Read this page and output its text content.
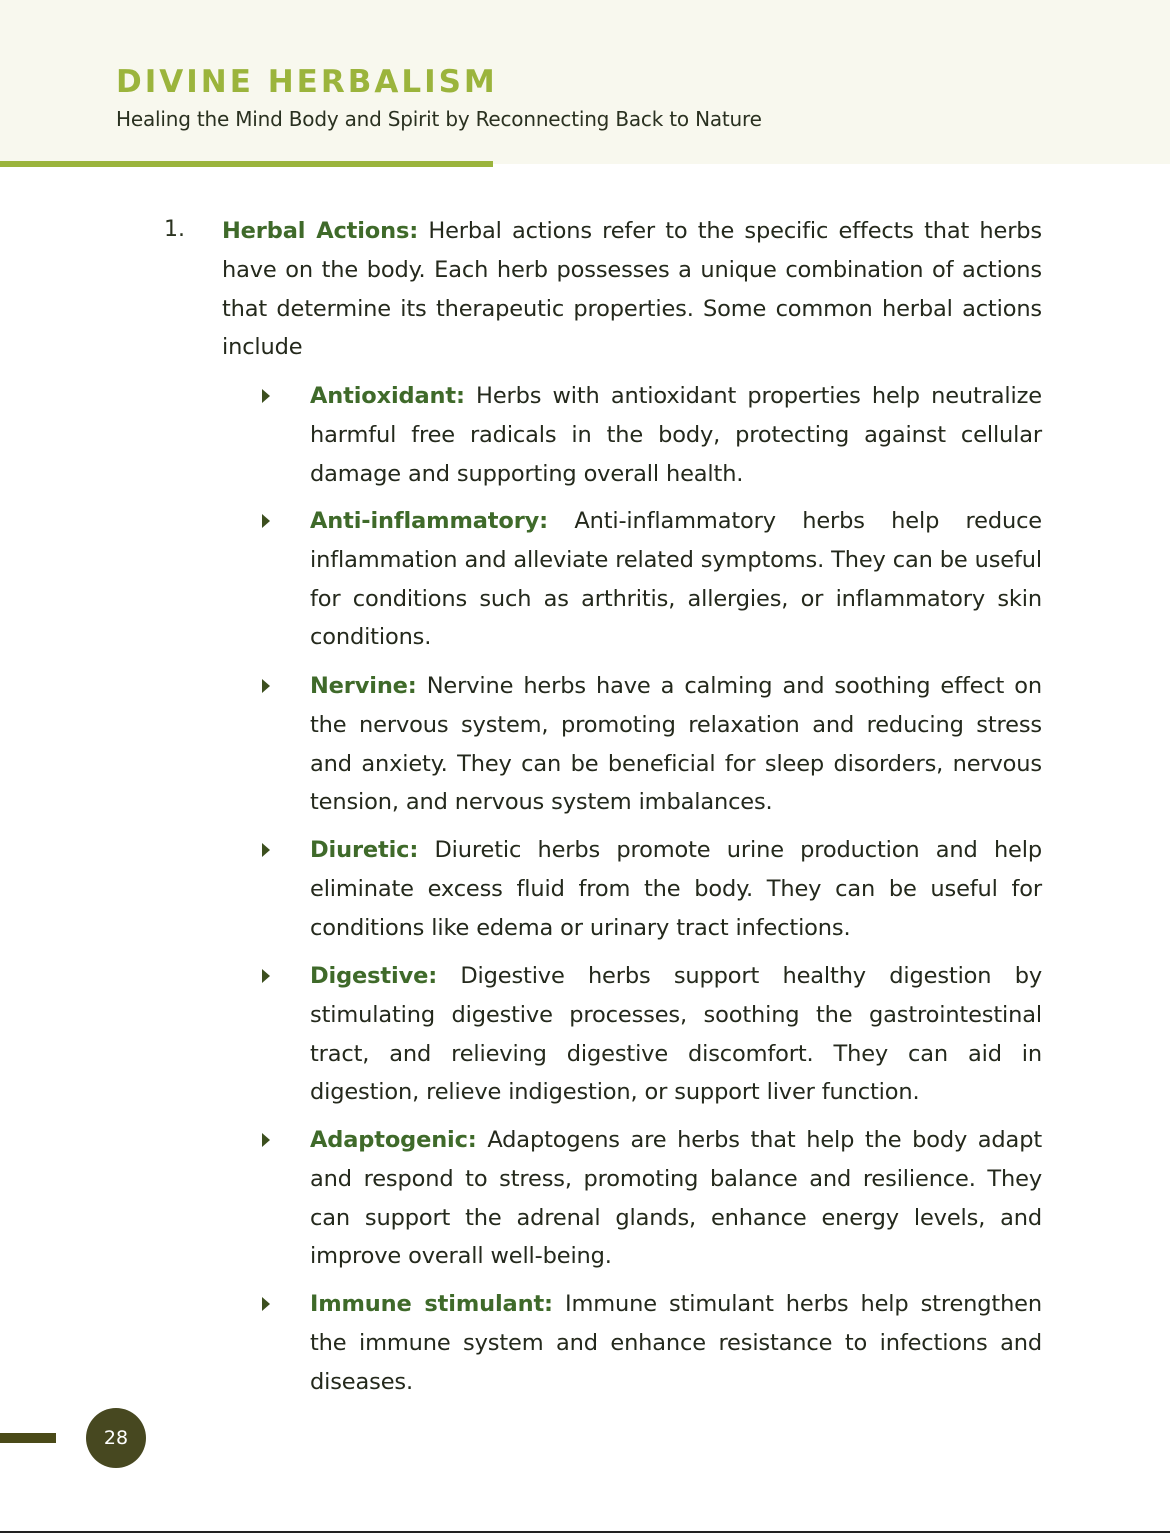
DIVINE HERBALISM
Healing the Mind Body and Spirit by Reconnecting Back to Nature
1. Herbal Actions: Herbal actions refer to the specific effects that herbs have on the body. Each herb possesses a unique combination of actions that determine its therapeutic properties. Some common herbal actions include

Antioxidant: Herbs with antioxidant properties help neutralize harmful free radicals in the body, protecting against cellular damage and supporting overall health.

Anti-inflammatory: Anti-inflammatory herbs help reduce inflammation and alleviate related symptoms. They can be useful for conditions such as arthritis, allergies, or inflammatory skin conditions.

Nervine: Nervine herbs have a calming and soothing effect on the nervous system, promoting relaxation and reducing stress and anxiety. They can be beneficial for sleep disorders, nervous tension, and nervous system imbalances.

Diuretic: Diuretic herbs promote urine production and help eliminate excess fluid from the body. They can be useful for conditions like edema or urinary tract infections.

Digestive: Digestive herbs support healthy digestion by stimulating digestive processes, soothing the gastrointestinal tract, and relieving digestive discomfort. They can aid in digestion, relieve indigestion, or support liver function.

Adaptogenic: Adaptogens are herbs that help the body adapt and respond to stress, promoting balance and resilience. They can support the adrenal glands, enhance energy levels, and improve overall well-being.

Immune stimulant: Immune stimulant herbs help strengthen the immune system and enhance resistance to infections and diseases.

28
